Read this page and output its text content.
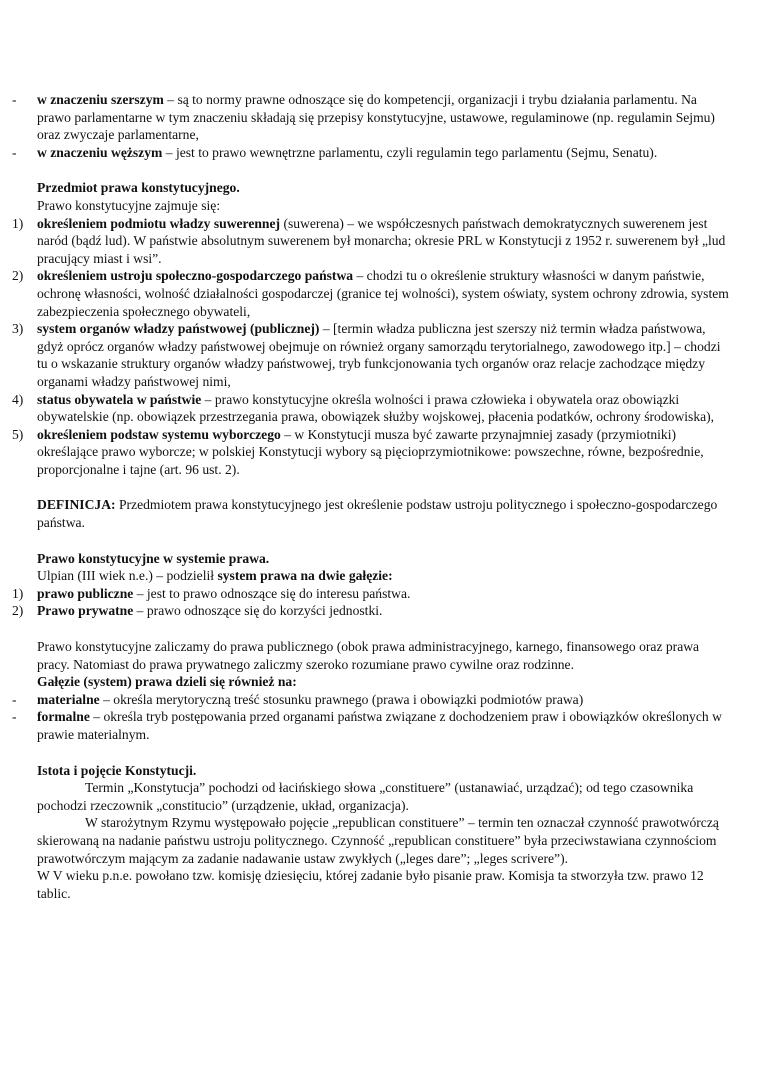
- w znaczeniu szerszym – są to normy prawne odnoszące się do kompetencji, organizacji i trybu działania parlamentu. Na prawo parlamentarne w tym znaczeniu składają się przepisy konstytucyjne, ustawowe, regulaminowe (np. regulamin Sejmu) oraz zwyczaje parlamentarne,
- w znaczeniu węższym – jest to prawo wewnętrzne parlamentu, czyli regulamin tego parlamentu (Sejmu, Senatu).
Przedmiot prawa konstytucyjnego.
Prawo konstytucyjne zajmuje się:
1) określeniem podmiotu władzy suwerennej (suwerena) – we współczesnych państwach demokratycznych suwerenem jest naród (bądź lud). W państwie absolutnym suwerenem był monarcha; okresie PRL w Konstytucji z 1952 r. suwerenem był „lud pracujący miast i wsi”.
2) określeniem ustroju społeczno-gospodarczego państwa – chodzi tu o określenie struktury własności w danym państwie, ochronę własności, wolność działalności gospodarczej (granice tej wolności), system oświaty, system ochrony zdrowia, system zabezpieczenia społecznego obywateli,
3) system organów władzy państwowej (publicznej) – [termin władza publiczna jest szerszy niż termin władza państwowa, gdyż oprócz organów władzy państwowej obejmuje on również organy samorządu terytorialnego, zawodowego itp.] – chodzi tu o wskazanie struktury organów władzy państwowej, tryb funkcjonowania tych organów oraz relacje zachodzące między organami władzy państwowej nimi,
4) status obywatela w państwie – prawo konstytucyjne określa wolności i prawa człowieka i obywatela oraz obowiązki obywatelskie (np. obowiązek przestrzegania prawa, obowiązek służby wojskowej, płacenia podatków, ochrony środowiska),
5) określeniem podstaw systemu wyborczego – w Konstytucji musza być zawarte przynajmniej zasady (przymiotniki) określające prawo wyborcze; w polskiej Konstytucji wybory są pięcioprzymiotnikowe: powszechne, równe, bezpośrednie, proporcjonalne i tajne (art. 96 ust. 2).
DEFINICJA: Przedmiotem prawa konstytucyjnego jest określenie podstaw ustroju politycznego i społeczno-gospodarczego państwa.
Prawo konstytucyjne w systemie prawa.
Ulpian (III wiek n.e.) – podzielił system prawa na dwie gałęzie:
1) prawo publiczne – jest to prawo odnoszące się do interesu państwa.
2) Prawo prywatne – prawo odnoszące się do korzyści jednostki.
Prawo konstytucyjne zaliczamy do prawa publicznego (obok prawa administracyjnego, karnego, finansowego oraz prawa pracy. Natomiast do prawa prywatnego zaliczmy szeroko rozumiane prawo cywilne oraz rodzinne.
Gałęzie (system) prawa dzieli się również na:
- materialne – określa merytoryczną treść stosunku prawnego (prawa i obowiązki podmiotów prawa)
- formalne – określa tryb postępowania przed organami państwa związane z dochodzeniem praw i obowiązków określonych w prawie materialnym.
Istota i pojęcie Konstytucji.
Termin „Konstytucja” pochodzi od łacińskiego słowa „constituere” (ustanawiać, urządzać); od tego czasownika pochodzi rzeczownik „constitucio” (urządzenie, układ, organizacja).
W starożytnym Rzymu występowało pojęcie „republican constituere” – termin ten oznaczał czynność prawotwórczą skierowaną na nadanie państwu ustroju politycznego. Czynność „republican constituere” była przeciwstawiana czynnościom prawotwórczym mającym za zadanie nadawanie ustaw zwykłych („leges dare”; „leges scrivere”).
W V wieku p.n.e. powołano tzw. komisję dziesięciu, której zadanie było pisanie praw. Komisja ta stworzyła tzw. prawo 12 tablic.
